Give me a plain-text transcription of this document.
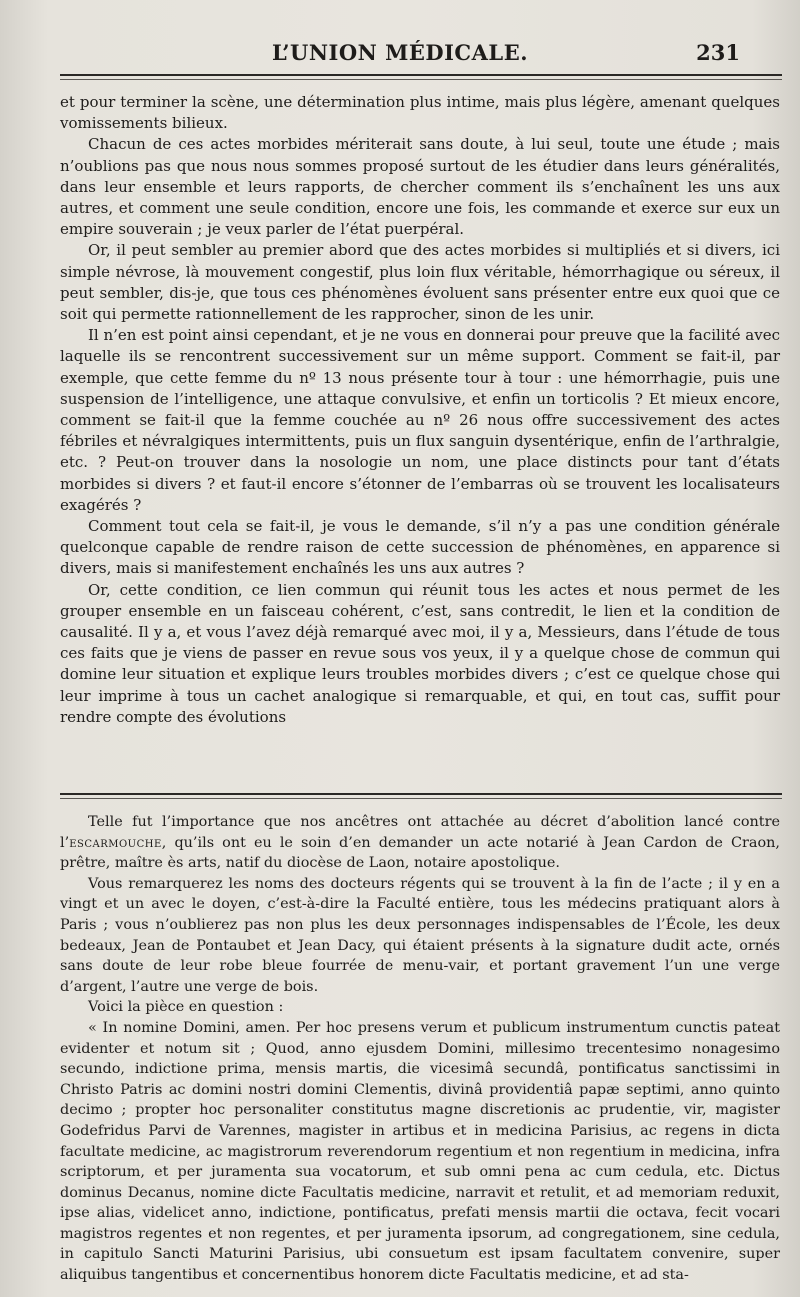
L’UNION MÉDICALE.	231

et pour terminer la scène, une détermination plus intime, mais plus légère, amenant quelques vomissements bilieux.

Chacun de ces actes morbides mériterait sans doute, à lui seul, toute une étude ; mais n’oublions pas que nous nous sommes proposé surtout de les étudier dans leurs généralités, dans leur ensemble et leurs rapports, de chercher comment ils s’enchaînent les uns aux autres, et comment une seule condition, encore une fois, les commande et exerce sur eux un empire souverain ; je veux parler de l’état puerpéral.

Or, il peut sembler au premier abord que des actes morbides si multipliés et si divers, ici simple névrose, là mouvement congestif, plus loin flux véritable, hémorrhagique ou séreux, il peut sembler, dis-je, que tous ces phénomènes évoluent sans présenter entre eux quoi que ce soit qui permette rationnellement de les rapprocher, sinon de les unir.

Il n’en est point ainsi cependant, et je ne vous en donnerai pour preuve que la facilité avec laquelle ils se rencontrent successivement sur un même support. Comment se fait-il, par exemple, que cette femme du nº 13 nous présente tour à tour : une hémorrhagie, puis une suspension de l’intelligence, une attaque convulsive, et enfin un torticolis ? Et mieux encore, comment se fait-il que la femme couchée au nº 26 nous offre successivement des actes fébriles et névralgiques intermittents, puis un flux sanguin dysentérique, enfin de l’arthralgie, etc. ? Peut-on trouver dans la nosologie un nom, une place distincts pour tant d’états morbides si divers ? et faut-il encore s’étonner de l’embarras où se trouvent les localisateurs exagérés ?

Comment tout cela se fait-il, je vous le demande, s’il n’y a pas une condition générale quelconque capable de rendre raison de cette succession de phénomènes, en apparence si divers, mais si manifestement enchaînés les uns aux autres ?

Or, cette condition, ce lien commun qui réunit tous les actes et nous permet de les grouper ensemble en un faisceau cohérent, c’est, sans contredit, le lien et la condition de causalité. Il y a, et vous l’avez déjà remarqué avec moi, il y a, Messieurs, dans l’étude de tous ces faits que je viens de passer en revue sous vos yeux, il y a quelque chose de commun qui domine leur situation et explique leurs troubles morbides divers ; c’est ce quelque chose qui leur imprime à tous un cachet analogique si remarquable, et qui, en tout cas, suffit pour rendre compte des évolutions

Telle fut l’importance que nos ancêtres ont attachée au décret d’abolition lancé contre l’escarmouche, qu’ils ont eu le soin d’en demander un acte notarié à Jean Cardon de Craon, prêtre, maître ès arts, natif du diocèse de Laon, notaire apostolique.

Vous remarquerez les noms des docteurs régents qui se trouvent à la fin de l’acte ; il y en a vingt et un avec le doyen, c’est-à-dire la Faculté entière, tous les médecins pratiquant alors à Paris ; vous n’oublierez pas non plus les deux personnages indispensables de l’École, les deux bedeaux, Jean de Pontaubet et Jean Dacy, qui étaient présents à la signature dudit acte, ornés sans doute de leur robe bleue fourrée de menu-vair, et portant gravement l’un une verge d’argent, l’autre une verge de bois.

Voici la pièce en question :

« In nomine Domini, amen. Per hoc presens verum et publicum instrumentum cunctis pateat evidenter et notum sit ; Quod, anno ejusdem Domini, millesimo trecentesimo nonagesimo secundo, indictione prima, mensis martis, die vicesimâ secundâ, pontificatus sanctissimi in Christo Patris ac domini nostri domini Clementis, divinâ providentiâ papæ septimi, anno quinto decimo ; propter hoc personaliter constitutus magne discretionis ac prudentie, vir, magister Godefridus Parvi de Varennes, magister in artibus et in medicina Parisius, ac regens in dicta facultate medicine, ac magistrorum reverendorum regentium et non regentium in medicina, infra scriptorum, et per juramenta sua vocatorum, et sub omni pena ac cum cedula, etc. Dictus dominus Decanus, nomine dicte Facultatis medicine, narravit et retulit, et ad memoriam reduxit, ipse alias, videlicet anno, indictione, pontificatus, prefati mensis martii die octava, fecit vocari magistros regentes et non regentes, et per juramenta ipsorum, ad congregationem, sine cedula, in capitulo Sancti Maturini Parisius, ubi consuetum est ipsam facultatem convenire, super aliquibus tangentibus et concernentibus honorem dicte Facultatis medicine, et ad sta-
